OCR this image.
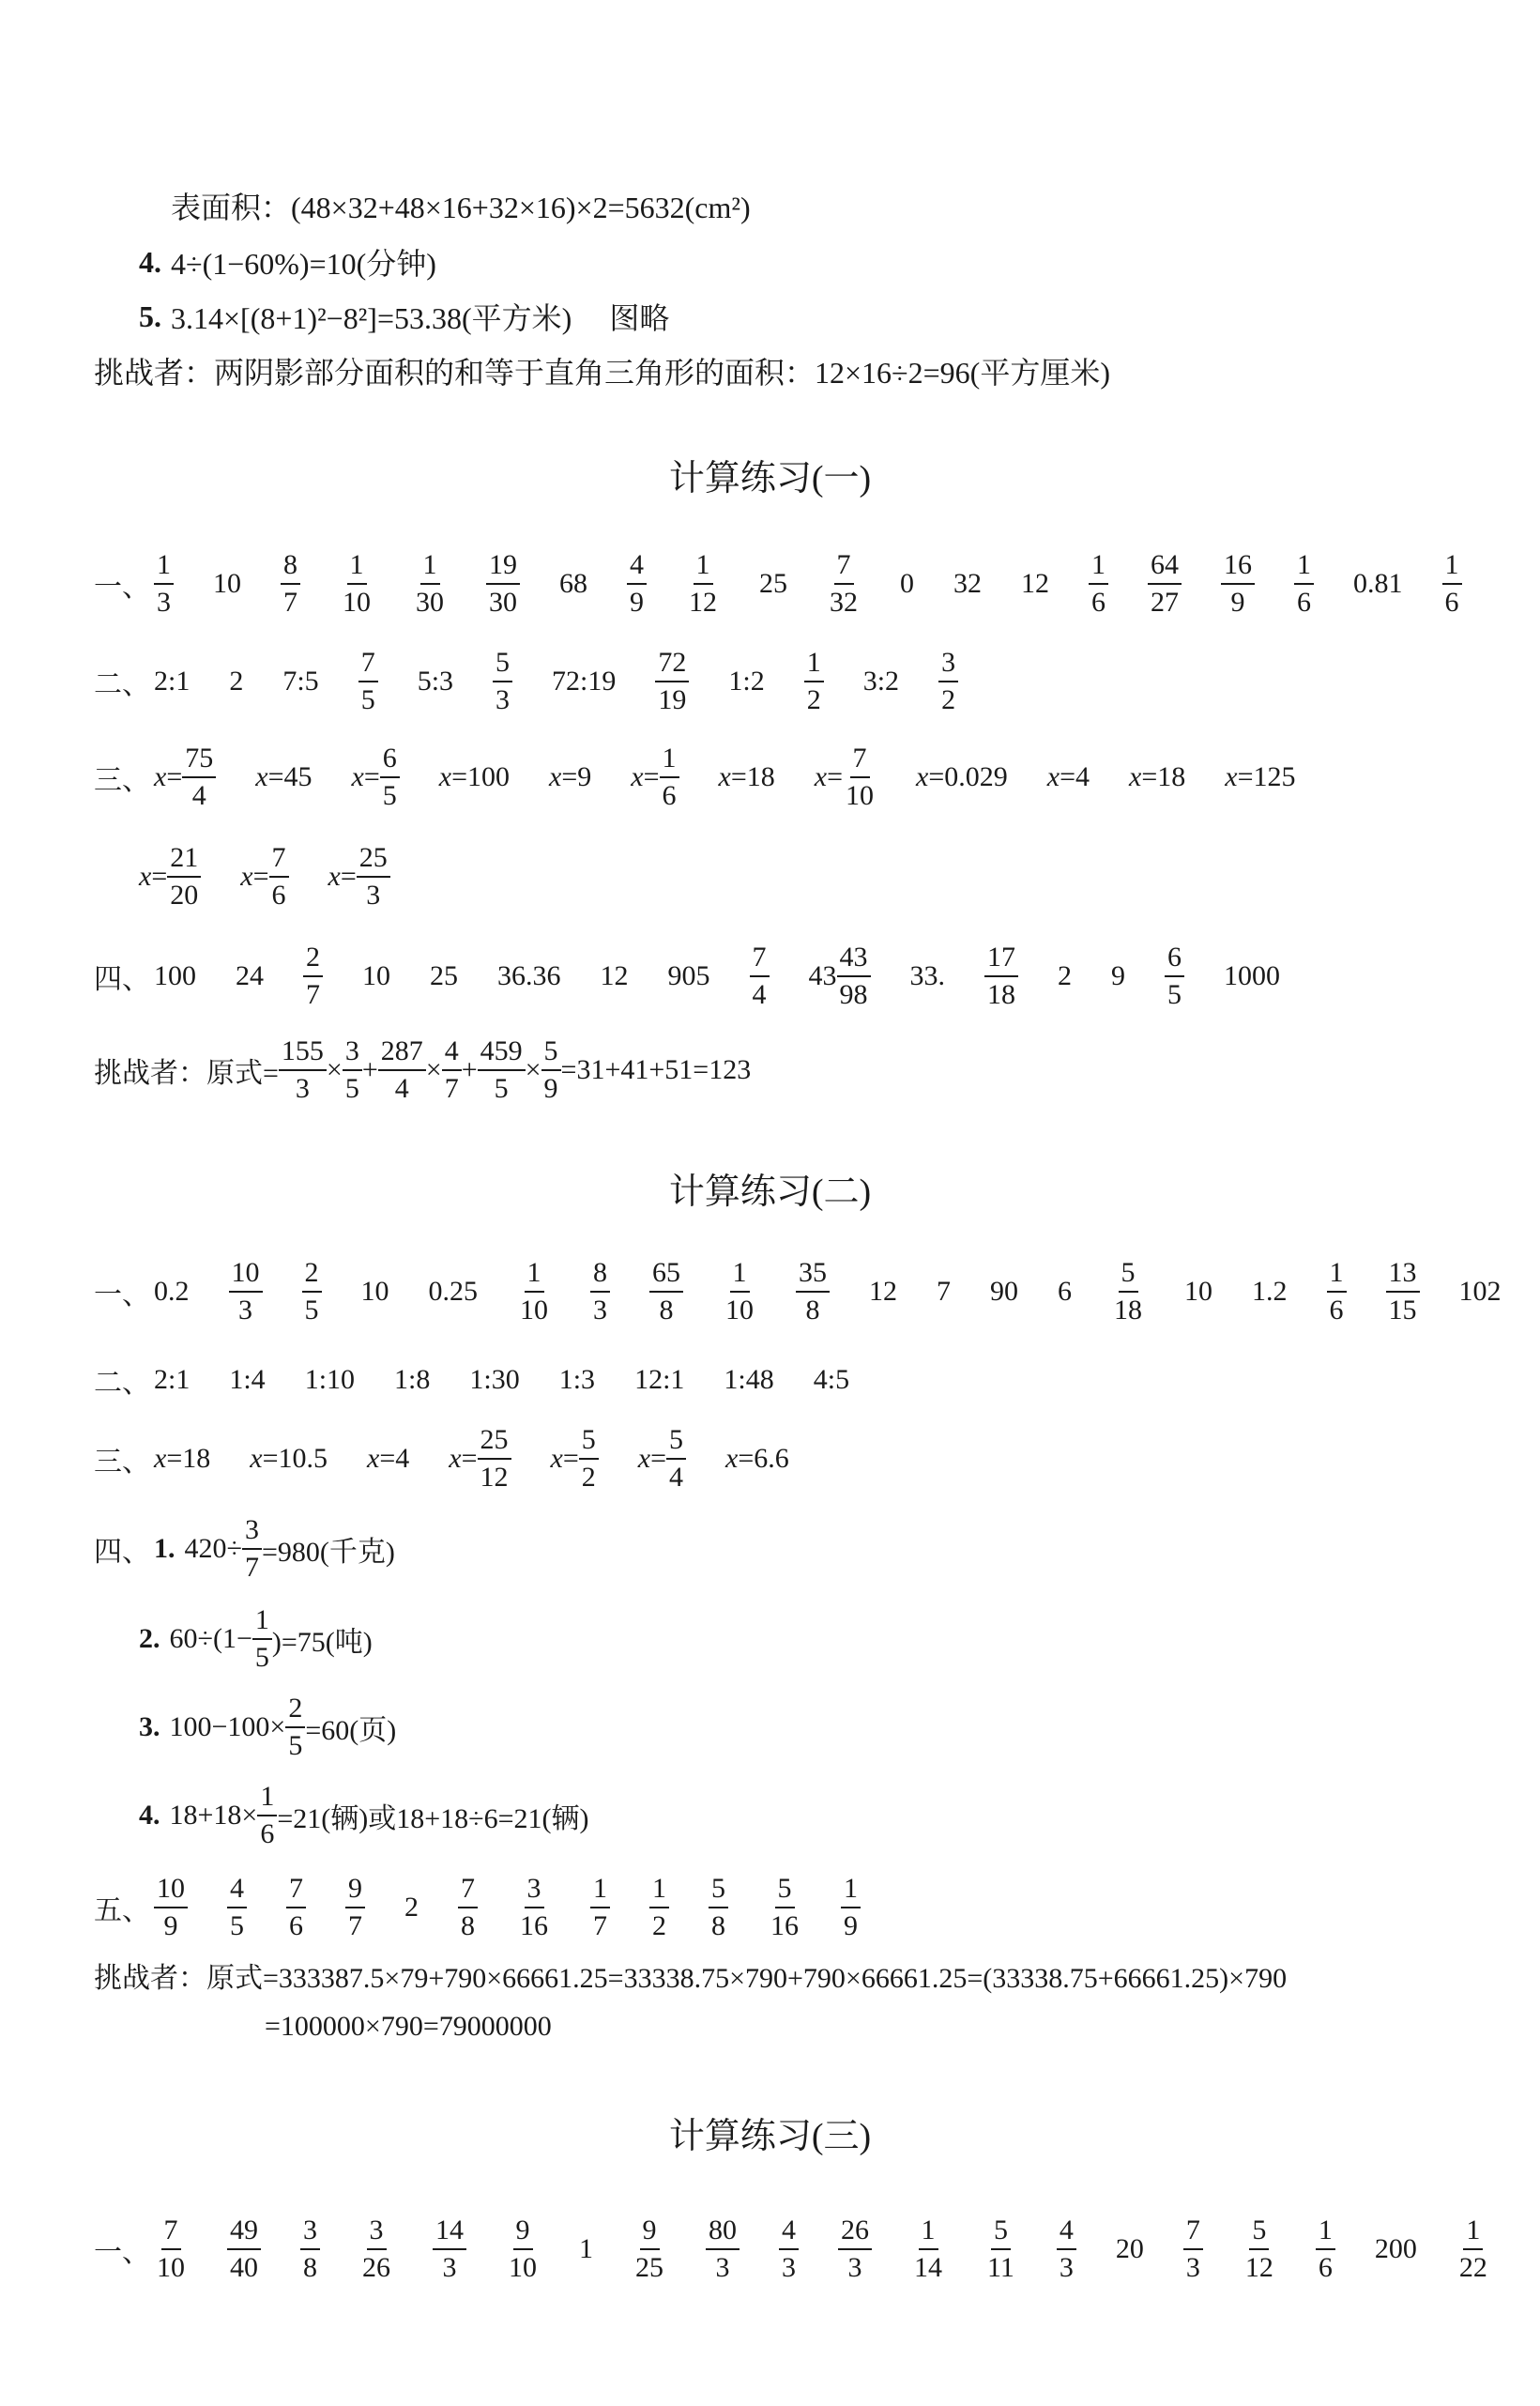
表面积：(48×32+48×16+32×16)×2=5632(cm²)
4. 4÷(1−60%)=10(分钟)
5. 3.14×[(8+1)²−8²]=53.38(平方米) 图略
挑战者：两阴影部分面积的和等于直角三角形的面积：12×16÷2=96(平方厘米)
计算练习(一)
一、
1
3
10
8
7
1
10
1
30
19
30
68
4
9
1
12
25
7
32
0 32 12
1
6
64
27
16
9
1
6
0.81
1
6
二、 2:1 2 7:5
7
5
5:3
5
3
72:19
72
19
1:2
1
2
3:2
3
2
三、 x =
75
4
x =45 x =
6
5
x =100 x =9 x =
1
6
x =18 x =
7
10
x =0.029 x =4 x =18 x =125
x =
21
20
x =
7
6
x =
25
3
四、 100 24
2
7
10 25 36.36 12 905
7
4
43
43
98
33 .
17
18
2 9
6
5
1000
挑战者：原式= $\frac{155}{3} \times \frac{3}{5} + \frac{287}{4} \times \frac{4}{7} + \frac{459}{5} \times \frac{5}{9} =31+41+51=123$
计算练习(二)
一、 0.2
10
3
2
5
10 0.25
1
10
8
3
65
8
1
10
35
8
12 7 90 6
5
18
10 1.2
1
6
13
15
102
二、 2:1 1:4 1:10 1:8 1:30 1:3 12:1 1:48 4:5
三、 x =18 x =10.5 x =4 x =
25
12
x =
5
2
x =
5
4
x =6.6
四、 1. $420\div \frac{3}{7} =980$(千克)
2. $60\div(1- \frac{1}{5} )=75$(吨)
3. $100-100\times \frac{2}{5} =60$(页)
4. $18+18\times \frac{1}{6} =21$(辆)或18+18÷6=21(辆)
五、
10
9
4
5
7
6
9
7
2
7
8
3
16
1
7
1
2
5
8
5
16
1
9
挑战者：原式=333387.5×79+790×66661.25=33338.75×790+790×66661.25=(33338.75+66661.25)×790
=100000×790=79000000
计算练习(三)
一、
7
10
49
40
3
8
3
26
14
3
9
10
1
9
25
80
3
4
3
26
3
1
14
5
11
4
3
20
7
3
5
12
1
6
200
1
22
